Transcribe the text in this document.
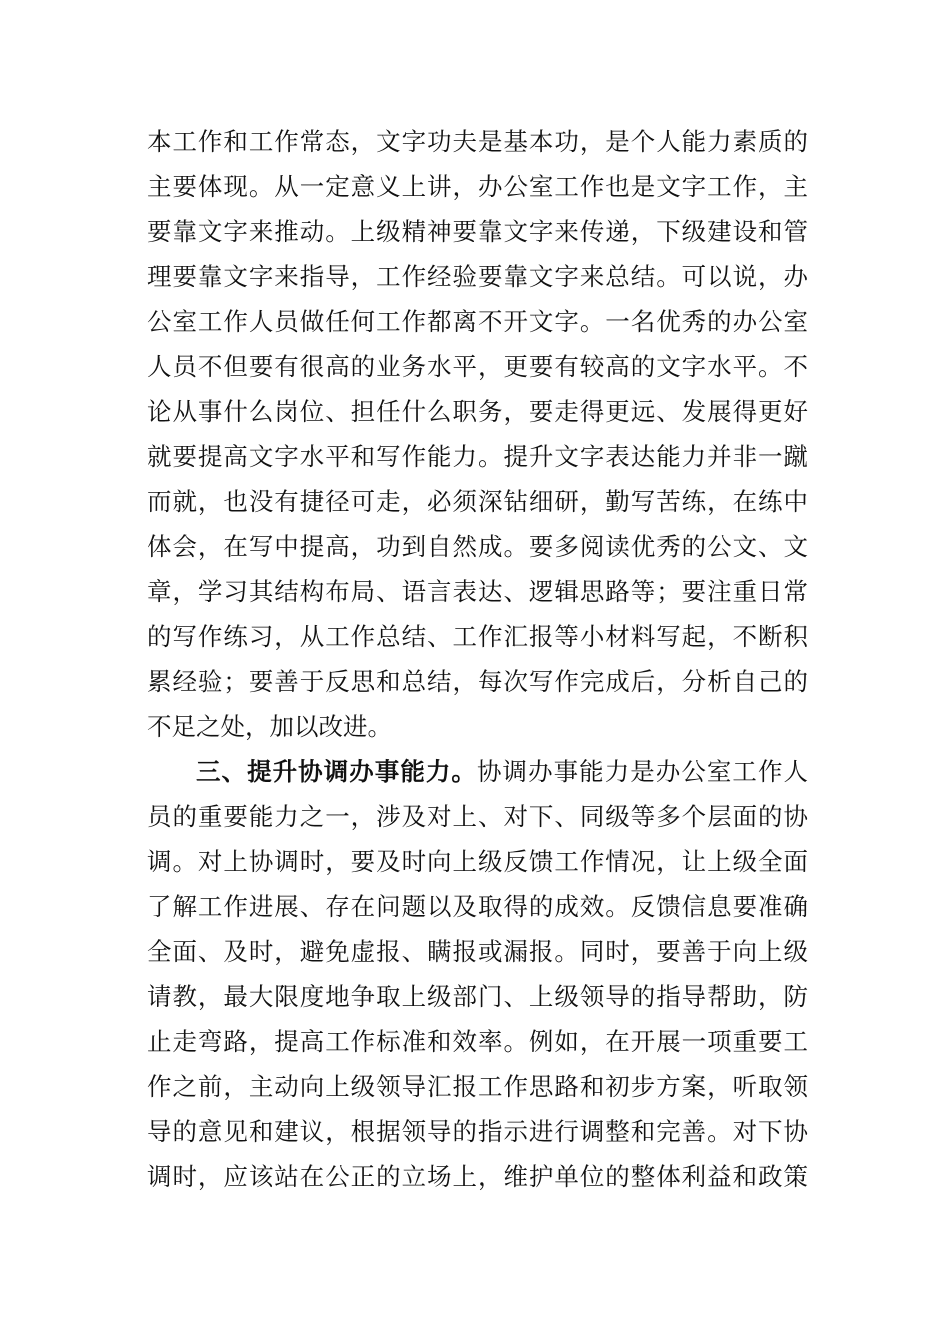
本工作和工作常态，文字功夫是基本功，是个人能力素质的
主要体现。从一定意义上讲，办公室工作也是文字工作，主
要靠文字来推动。上级精神要靠文字来传递，下级建设和管
理要靠文字来指导，工作经验要靠文字来总结。可以说，办
公室工作人员做任何工作都离不开文字。一名优秀的办公室
人员不但要有很高的业务水平，更要有较高的文字水平。不
论从事什么岗位、担任什么职务，要走得更远、发展得更好
就要提高文字水平和写作能力。提升文字表达能力并非一蹴
而就，也没有捷径可走，必须深钻细研，勤写苦练，在练中
体会，在写中提高，功到自然成。要多阅读优秀的公文、文
章，学习其结构布局、语言表达、逻辑思路等；要注重日常
的写作练习，从工作总结、工作汇报等小材料写起，不断积
累经验；要善于反思和总结，每次写作完成后，分析自己的
不足之处，加以改进。
三、提升协调办事能力。协调办事能力是办公室工作人
员的重要能力之一，涉及对上、对下、同级等多个层面的协
调。对上协调时，要及时向上级反馈工作情况，让上级全面
了解工作进展、存在问题以及取得的成效。反馈信息要准确
全面、及时，避免虚报、瞒报或漏报。同时，要善于向上级
请教，最大限度地争取上级部门、上级领导的指导帮助，防
止走弯路，提高工作标准和效率。例如，在开展一项重要工
作之前，主动向上级领导汇报工作思路和初步方案，听取领
导的意见和建议，根据领导的指示进行调整和完善。对下协
调时，应该站在公正的立场上，维护单位的整体利益和政策
